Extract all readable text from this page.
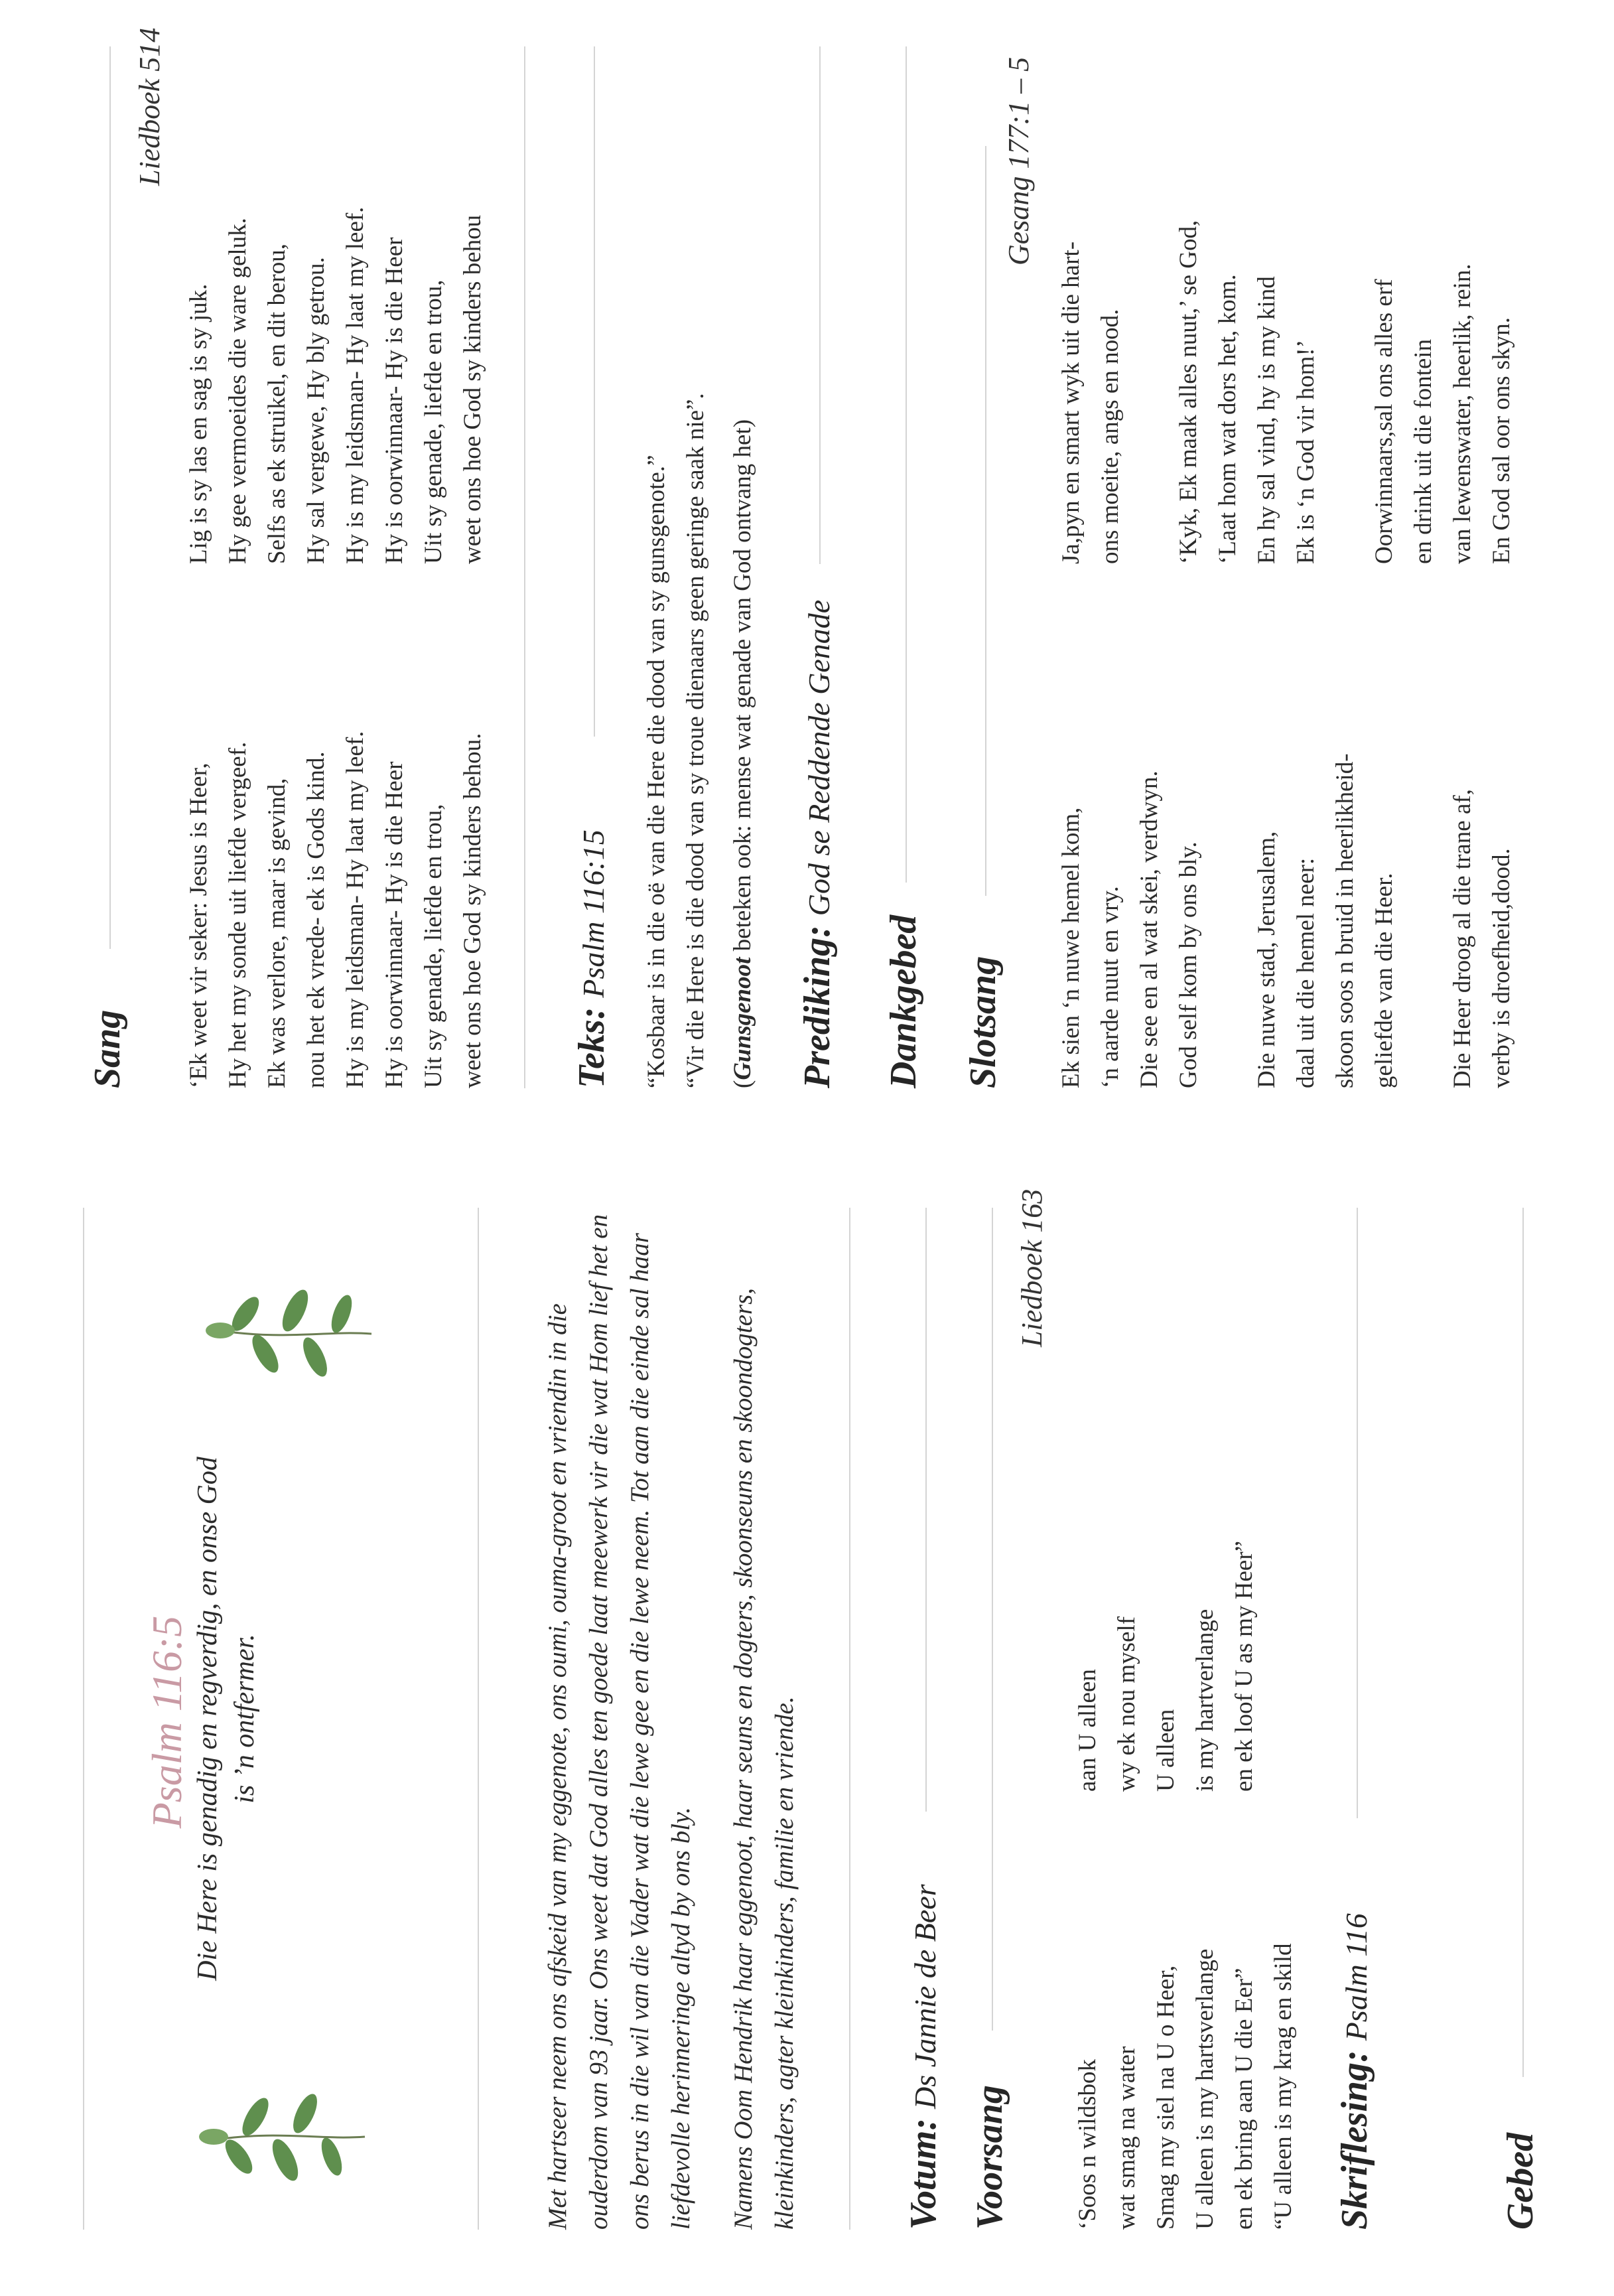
Psalm 116:5 Die Here is genadig en regverdig, en onse God is ’n ontfermer.	Met hartseer neem ons afskeid van my eggenote, ons oumi, ouma-groot en vriendin in die ouderdom van 93 jaar. Ons weet dat God alles ten goede laat meewerk vir die wat Hom lief het en ons berus in die wil van die Vader wat die lewe gee en die lewe neem. Tot aan die einde sal haar liefdevolle herinneringe altyd by ons bly. Namens Oom Hendrik haar eggenoot, haar seuns en dogters, skoonseuns en skoondogters, kleinkinders, agter kleinkinders, familie en vriende.	Votum: Ds Jannie de Beer
Voorsang
Liedboek 163
‘Soos n wildsbok wat smag na water Smag my siel na U o Heer, U alleen is my hartsverlange en ek bring aan U die Eer” “U alleen is my krag en skild
aan U alleen wy ek nou myself U alleen is my hartverlange en ek loof U as my Heer”
Skriflesing: Psalm 116
Gebed
Sang
Liedboek 514
‘Ek weet vir seker: Jesus is Heer, Hy het my sonde uit liefde vergeef. Ek was verlore, maar is gevind, nou het ek vrede- ek is Gods kind. Hy is my leidsman- Hy laat my leef. Hy is oorwinnaar- Hy is die Heer Uit sy genade, liefde en trou, weet ons hoe God sy kinders behou.
Lig is sy las en sag is sy juk. Hy gee vermoeides die ware geluk. Selfs as ek struikel, en dit berou, Hy sal vergewe, Hy bly getrou. Hy is my leidsman- Hy laat my leef. Hy is oorwinnaar- Hy is die Heer Uit sy genade, liefde en trou, weet ons hoe God sy kinders behou
Teks: Psalm 116:15 “Kosbaar is in die oë van die Here die dood van sy gunsgenote.” “Vir die Here is die dood van sy troue dienaars geen geringe saak nie”. (Gunsgenoot beteken ook: mense wat genade van God ontvang het)
Prediking: God se Reddende Genade
Dankgebed Slotsang
Gesang 177:1 – 5
Ek sien ‘n nuwe hemel kom, ‘n aarde nuut en vry. Die see en al wat skei, verdwyn. God self kom by ons bly. Die nuwe stad, Jerusalem, daal uit die hemel neer: skoon soos n bruid in heerlikheid- geliefde van die Heer. Die Heer droog al die trane af, verby is droefheid,dood.
Ja,pyn en smart wyk uit die hart- ons moeite, angs en nood. ‘Kyk, Ek maak alles nuut,’ se God, ‘Laat hom wat dors het, kom. En hy sal vind, hy is my kind Ek is ‘n God vir hom!’ Oorwinnaars,sal ons alles erf en drink uit die fontein van lewenswater, heerlik, rein. En God sal oor ons skyn.
